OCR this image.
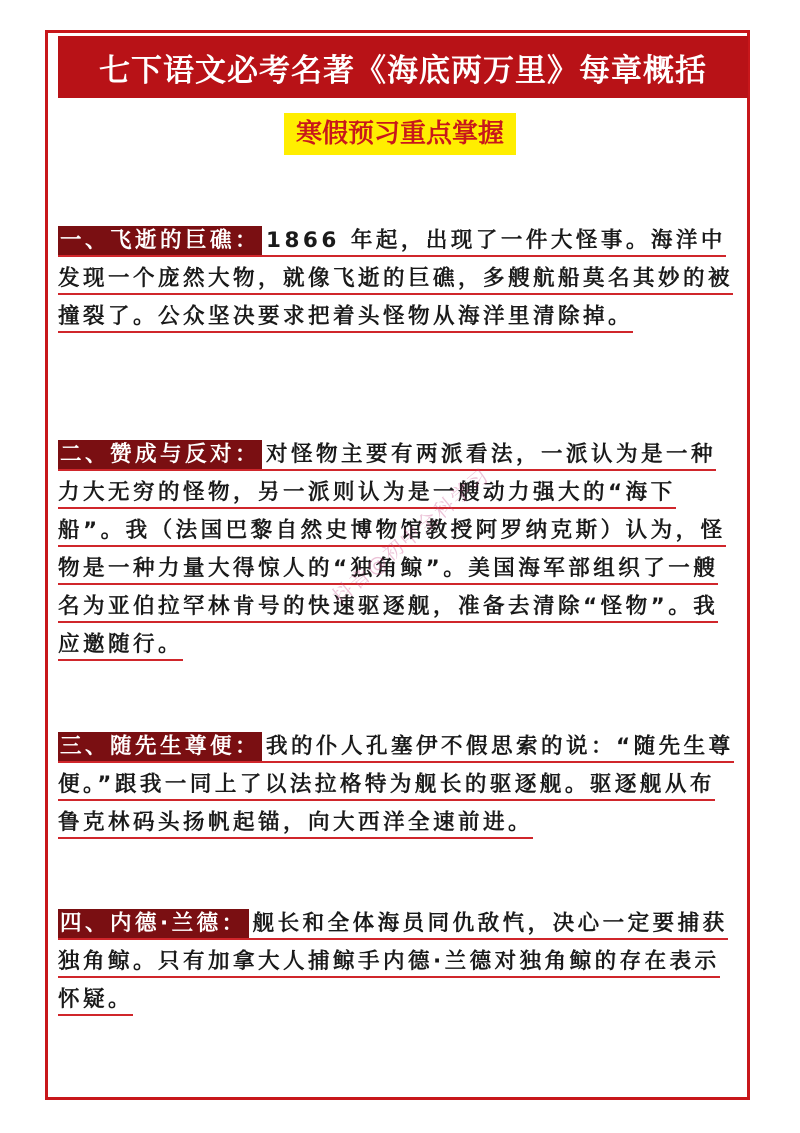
七下语文必考名著《海底两万里》每章概括
寒假预习重点掌握
一、飞逝的巨礁： 1866 年起，出现了一件大怪事。海洋中发现一个庞然大物，就像飞逝的巨礁，多艘航船莫名其妙的被撞裂了。公众坚决要求把着头怪物从海洋里清除掉。
二、赞成与反对： 对怪物主要有两派看法，一派认为是一种力大无穷的怪物，另一派则认为是一艘动力强大的“海下船”。我（法国巴黎自然史博物馆教授阿罗纳克斯）认为，怪物是一种力量大得惊人的“独角鲸”。美国海军部组织了一艘名为亚伯拉罕林肯号的快速驱逐舰，准备去清除“怪物”。我应邀随行。
三、随先生尊便： 我的仆人孔塞伊不假思索的说：“随先生尊便。”跟我一同上了以法拉格特为舰长的驱逐舰。驱逐舰从布鲁克林码头扬帆起锚，向大西洋全速前进。
四、内德·兰德： 舰长和全体海员同仇敌忾，决心一定要捕获独角鲸。只有加拿大人捕鲸手内德·兰德对独角鲸的存在表示怀疑。
抖音@初中全科学习
